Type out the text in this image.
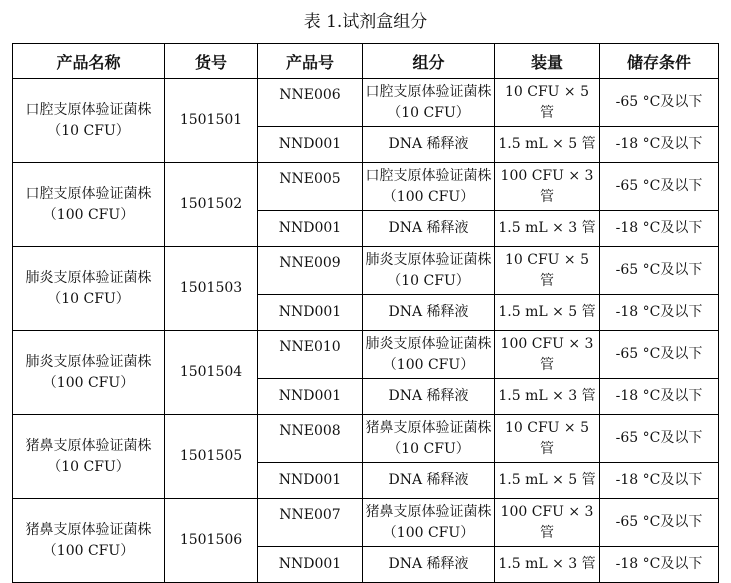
表 1.试剂盒组分
产品名称	货号	产品号	组分	装量	储存条件
口腔支原体验证菌株（10 CFU）	1501501	NNE006	口腔支原体验证菌株（10 CFU）	10 CFU × 5 管	-65 °C及以下
		NND001	DNA 稀释液	1.5 mL × 5 管	-18 °C及以下
口腔支原体验证菌株（100 CFU）	1501502	NNE005	口腔支原体验证菌株（100 CFU）	100 CFU × 3 管	-65 °C及以下
		NND001	DNA 稀释液	1.5 mL × 3 管	-18 °C及以下
肺炎支原体验证菌株（10 CFU）	1501503	NNE009	肺炎支原体验证菌株（10 CFU）	10 CFU × 5 管	-65 °C及以下
		NND001	DNA 稀释液	1.5 mL × 5 管	-18 °C及以下
肺炎支原体验证菌株（100 CFU）	1501504	NNE010	肺炎支原体验证菌株（100 CFU）	100 CFU × 3 管	-65 °C及以下
		NND001	DNA 稀释液	1.5 mL × 3 管	-18 °C及以下
猪鼻支原体验证菌株（10 CFU）	1501505	NNE008	猪鼻支原体验证菌株（10 CFU）	10 CFU × 5 管	-65 °C及以下
		NND001	DNA 稀释液	1.5 mL × 5 管	-18 °C及以下
猪鼻支原体验证菌株（100 CFU）	1501506	NNE007	猪鼻支原体验证菌株（100 CFU）	100 CFU × 3 管	-65 °C及以下
		NND001	DNA 稀释液	1.5 mL × 3 管	-18 °C及以下
